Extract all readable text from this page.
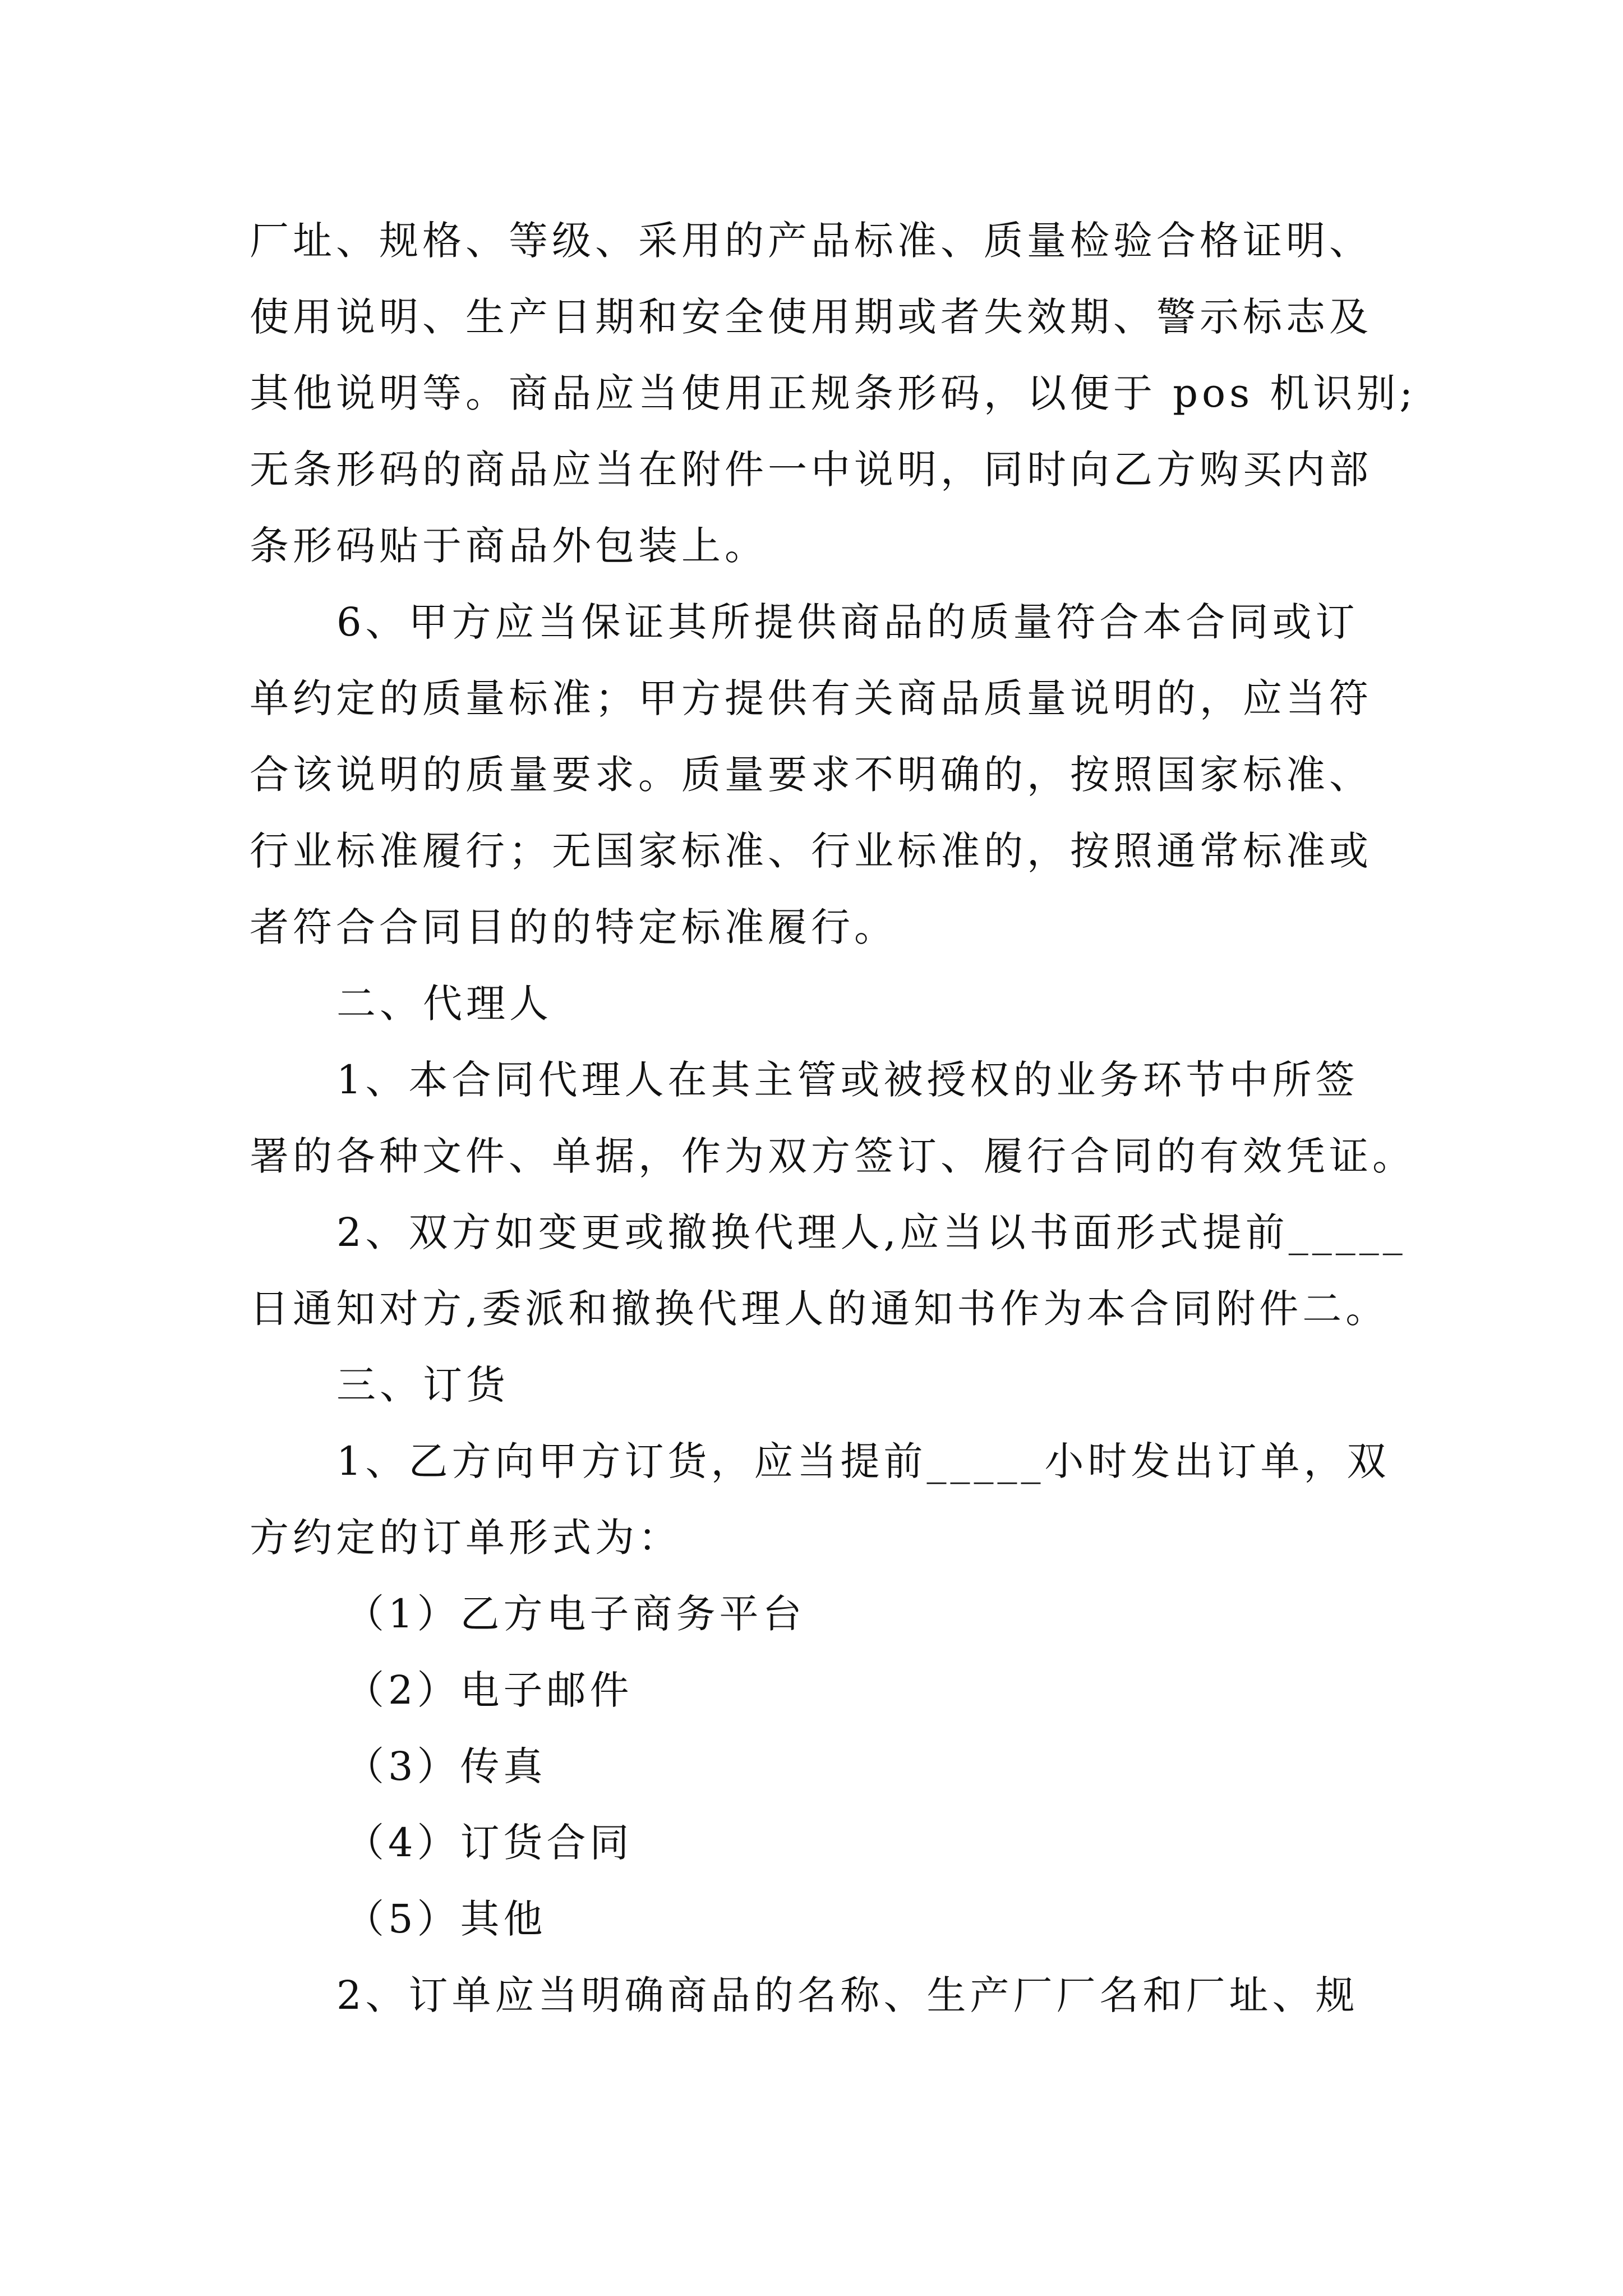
厂址、规格、等级、采用的产品标准、质量检验合格证明、
使用说明、生产日期和安全使用期或者失效期、警示标志及
其他说明等。商品应当使用正规条形码，以便于 pos 机识别;
无条形码的商品应当在附件一中说明，同时向乙方购买内部
条形码贴于商品外包装上。
6、甲方应当保证其所提供商品的质量符合本合同或订
单约定的质量标准；甲方提供有关商品质量说明的，应当符
合该说明的质量要求。质量要求不明确的，按照国家标准、
行业标准履行；无国家标准、行业标准的，按照通常标准或
者符合合同目的的特定标准履行。
二、代理人
1、本合同代理人在其主管或被授权的业务环节中所签
署的各种文件、单据，作为双方签订、履行合同的有效凭证。
2、双方如变更或撤换代理人,应当以书面形式提前_____
日通知对方,委派和撤换代理人的通知书作为本合同附件二。
三、订货
1、乙方向甲方订货，应当提前_____小时发出订单，双
方约定的订单形式为：
（1）乙方电子商务平台
（2）电子邮件
（3）传真
（4）订货合同
（5）其他
2、订单应当明确商品的名称、生产厂厂名和厂址、规
